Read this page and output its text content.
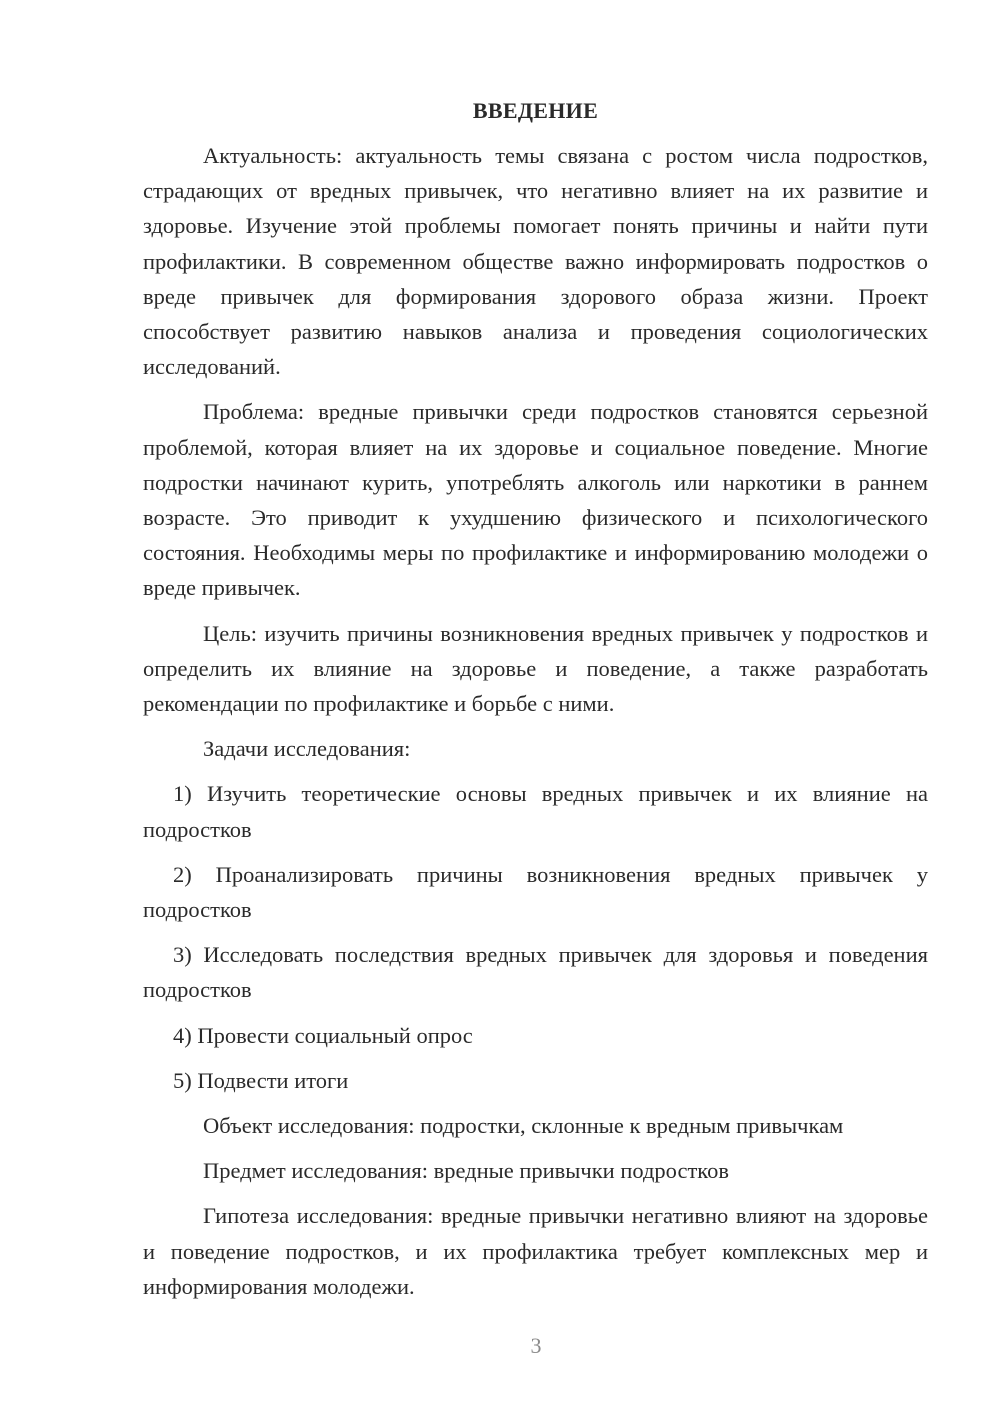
ВВЕДЕНИЕ

Актуальность: актуальность темы связана с ростом числа подростков, страдающих от вредных привычек, что негативно влияет на их развитие и здоровье. Изучение этой проблемы помогает понять причины и найти пути профилактики. В современном обществе важно информировать подростков о вреде привычек для формирования здорового образа жизни. Проект способствует развитию навыков анализа и проведения социологических исследований.

Проблема: вредные привычки среди подростков становятся серьезной проблемой, которая влияет на их здоровье и социальное поведение. Многие подростки начинают курить, употреблять алкоголь или наркотики в раннем возрасте. Это приводит к ухудшению физического и психологического состояния. Необходимы меры по профилактике и информированию молодежи о вреде привычек.

Цель: изучить причины возникновения вредных привычек у подростков и определить их влияние на здоровье и поведение, а также разработать рекомендации по профилактике и борьбе с ними.

Задачи исследования:

1) Изучить теоретические основы вредных привычек и их влияние на подростков

2) Проанализировать причины возникновения вредных привычек у подростков

3) Исследовать последствия вредных привычек для здоровья и поведения подростков

4) Провести социальный опрос

5) Подвести итоги

Объект исследования: подростки, склонные к вредным привычкам

Предмет исследования: вредные привычки подростков

Гипотеза исследования: вредные привычки негативно влияют на здоровье и поведение подростков, и их профилактика требует комплексных мер и информирования молодежи.

3
